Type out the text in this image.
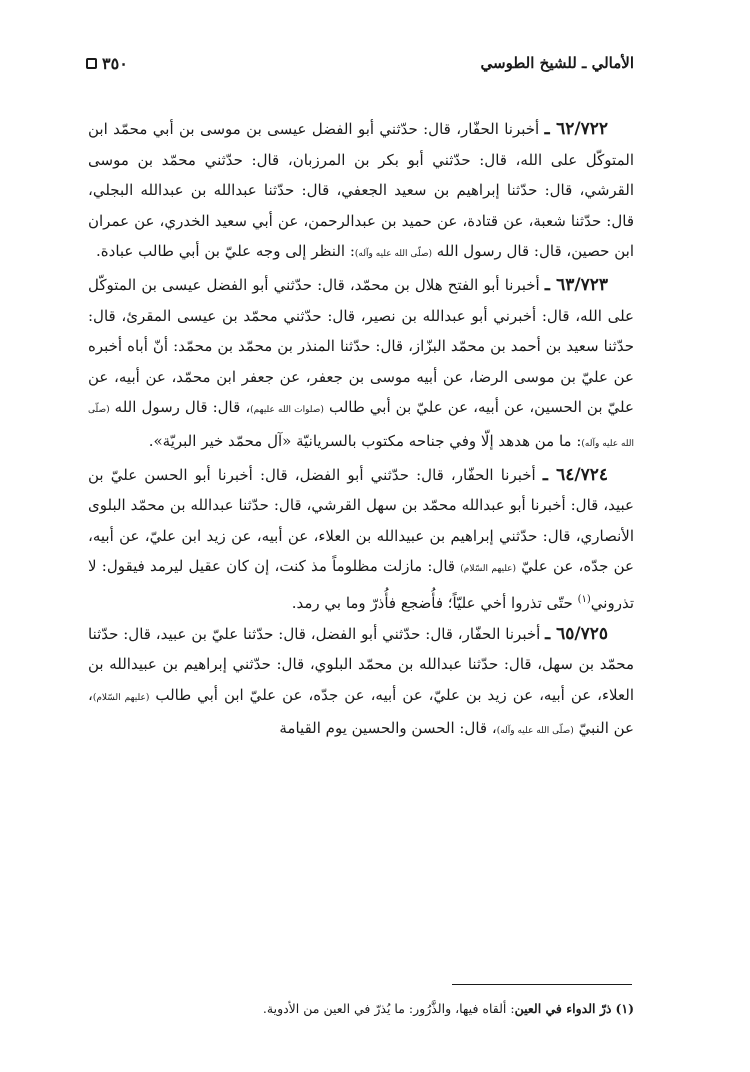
الأمالي ـ للشيخ الطوسي
٣٥٠

٦٢/٧٢٢ ـ أخبرنا الحفّار، قال: حدّثني أبو الفضل عيسى بن موسى بن أبي محمّد ابن المتوكّل على الله، قال: حدّثني أبو بكر بن المرزبان، قال: حدّثني محمّد بن موسى القرشي، قال: حدّثنا إبراهيم بن سعيد الجعفي، قال: حدّثنا عبدالله بن عبدالله البجلي، قال: حدّثنا شعبة، عن قتادة، عن حميد بن عبدالرحمن، عن أبي سعيد الخدري، عن عمران ابن حصين، قال: قال رسول الله (صلّى الله عليه وآله): النظر إلى وجه عليّ بن أبي طالب عبادة.

٦٣/٧٢٣ ـ أخبرنا أبو الفتح هلال بن محمّد، قال: حدّثني أبو الفضل عيسى بن المتوكّل على الله، قال: أخبرني أبو عبدالله بن نصير، قال: حدّثني محمّد بن عيسى المقرئ، قال: حدّثنا سعيد بن أحمد بن محمّد البزّاز، قال: حدّثنا المنذر بن محمّد بن محمّد: أنّ أباه أخبره عن عليّ بن موسى الرضا، عن أبيه موسى بن جعفر، عن جعفر ابن محمّد، عن أبيه، عن عليّ بن الحسين، عن أبيه، عن عليّ بن أبي طالب (صلوات الله عليهم)، قال: قال رسول الله (صلّى الله عليه وآله): ما من هدهد إلّا وفي جناحه مكتوب بالسريانيّة «آل محمّد خير البريّة».

٦٤/٧٢٤ ـ أخبرنا الحفّار، قال: حدّثني أبو الفضل، قال: أخبرنا أبو الحسن عليّ بن عبيد، قال: أخبرنا أبو عبدالله محمّد بن سهل القرشي، قال: حدّثنا عبدالله بن محمّد البلوى الأنصاري، قال: حدّثني إبراهيم بن عبيدالله بن العلاء، عن أبيه، عن زيد ابن عليّ، عن أبيه، عن جدّه، عن عليّ (عليهم السّلام) قال: مازلت مظلوماً مذ كنت، إن كان عقيل ليرمد فيقول: لا تذروني$^{(١)}$ حتّى تذروا أخي عليّاً؛ فأُضجع فأُذرّ وما بي رمد.

٦٥/٧٢٥ ـ أخبرنا الحفّار، قال: حدّثني أبو الفضل، قال: حدّثنا عليّ بن عبيد، قال: حدّثنا محمّد بن سهل، قال: حدّثنا عبدالله بن محمّد البلوي، قال: حدّثني إبراهيم بن عبيدالله بن العلاء، عن أبيه، عن زيد بن عليّ، عن أبيه، عن جدّه، عن عليّ ابن أبي طالب (عليهم السّلام)، عن النبيّ (صلّى الله عليه وآله)، قال: الحسن والحسين يوم القيامة

(١) ذرّ الدواء في العين: ألقاه فيها، والذَّرُور: ما يُذرّ في العين من الأدوية.
